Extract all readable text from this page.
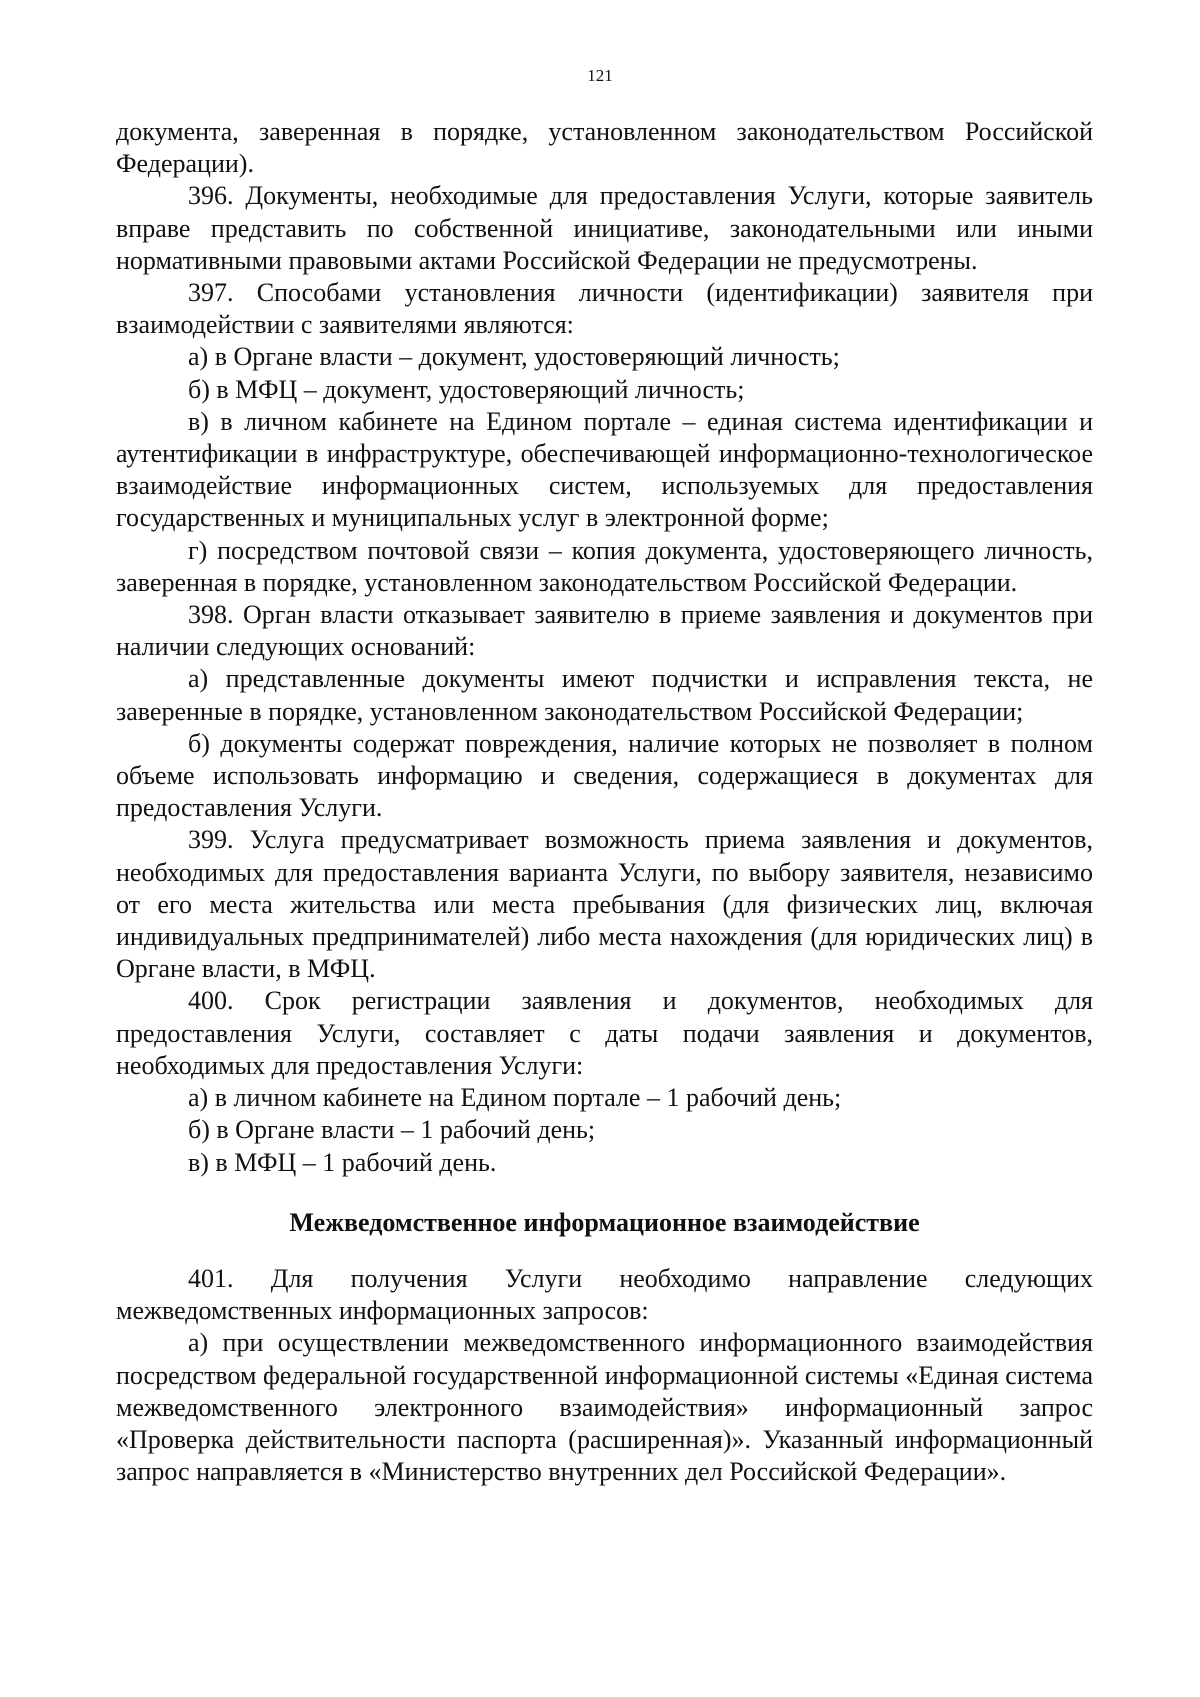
121

документа, заверенная в порядке, установленном законодательством Российской Федерации).

396. Документы, необходимые для предоставления Услуги, которые заявитель вправе представить по собственной инициативе, законодательными или иными нормативными правовыми актами Российской Федерации не предусмотрены.

397. Способами установления личности (идентификации) заявителя при взаимодействии с заявителями являются:

а) в Органе власти – документ, удостоверяющий личность;

б) в МФЦ – документ, удостоверяющий личность;

в) в личном кабинете на Едином портале – единая система идентификации и аутентификации в инфраструктуре, обеспечивающей информационно-технологическое взаимодействие информационных систем, используемых для предоставления государственных и муниципальных услуг в электронной форме;

г) посредством почтовой связи – копия документа, удостоверяющего личность, заверенная в порядке, установленном законодательством Российской Федерации.

398. Орган власти отказывает заявителю в приеме заявления и документов при наличии следующих оснований:

а) представленные документы имеют подчистки и исправления текста, не заверенные в порядке, установленном законодательством Российской Федерации;

б) документы содержат повреждения, наличие которых не позволяет в полном объеме использовать информацию и сведения, содержащиеся в документах для предоставления Услуги.

399. Услуга предусматривает возможность приема заявления и документов, необходимых для предоставления варианта Услуги, по выбору заявителя, независимо от его места жительства или места пребывания (для физических лиц, включая индивидуальных предпринимателей) либо места нахождения (для юридических лиц) в Органе власти, в МФЦ.

400. Срок регистрации заявления и документов, необходимых для предоставления Услуги, составляет с даты подачи заявления и документов, необходимых для предоставления Услуги:

а) в личном кабинете на Едином портале – 1 рабочий день;

б) в Органе власти – 1 рабочий день;

в) в МФЦ – 1 рабочий день.

Межведомственное информационное взаимодействие

401. Для получения Услуги необходимо направление следующих межведомственных информационных запросов:

а) при осуществлении межведомственного информационного взаимодействия посредством федеральной государственной информационной системы «Единая система межведомственного электронного взаимодействия» информационный запрос «Проверка действительности паспорта (расширенная)». Указанный информационный запрос направляется в «Министерство внутренних дел Российской Федерации».
